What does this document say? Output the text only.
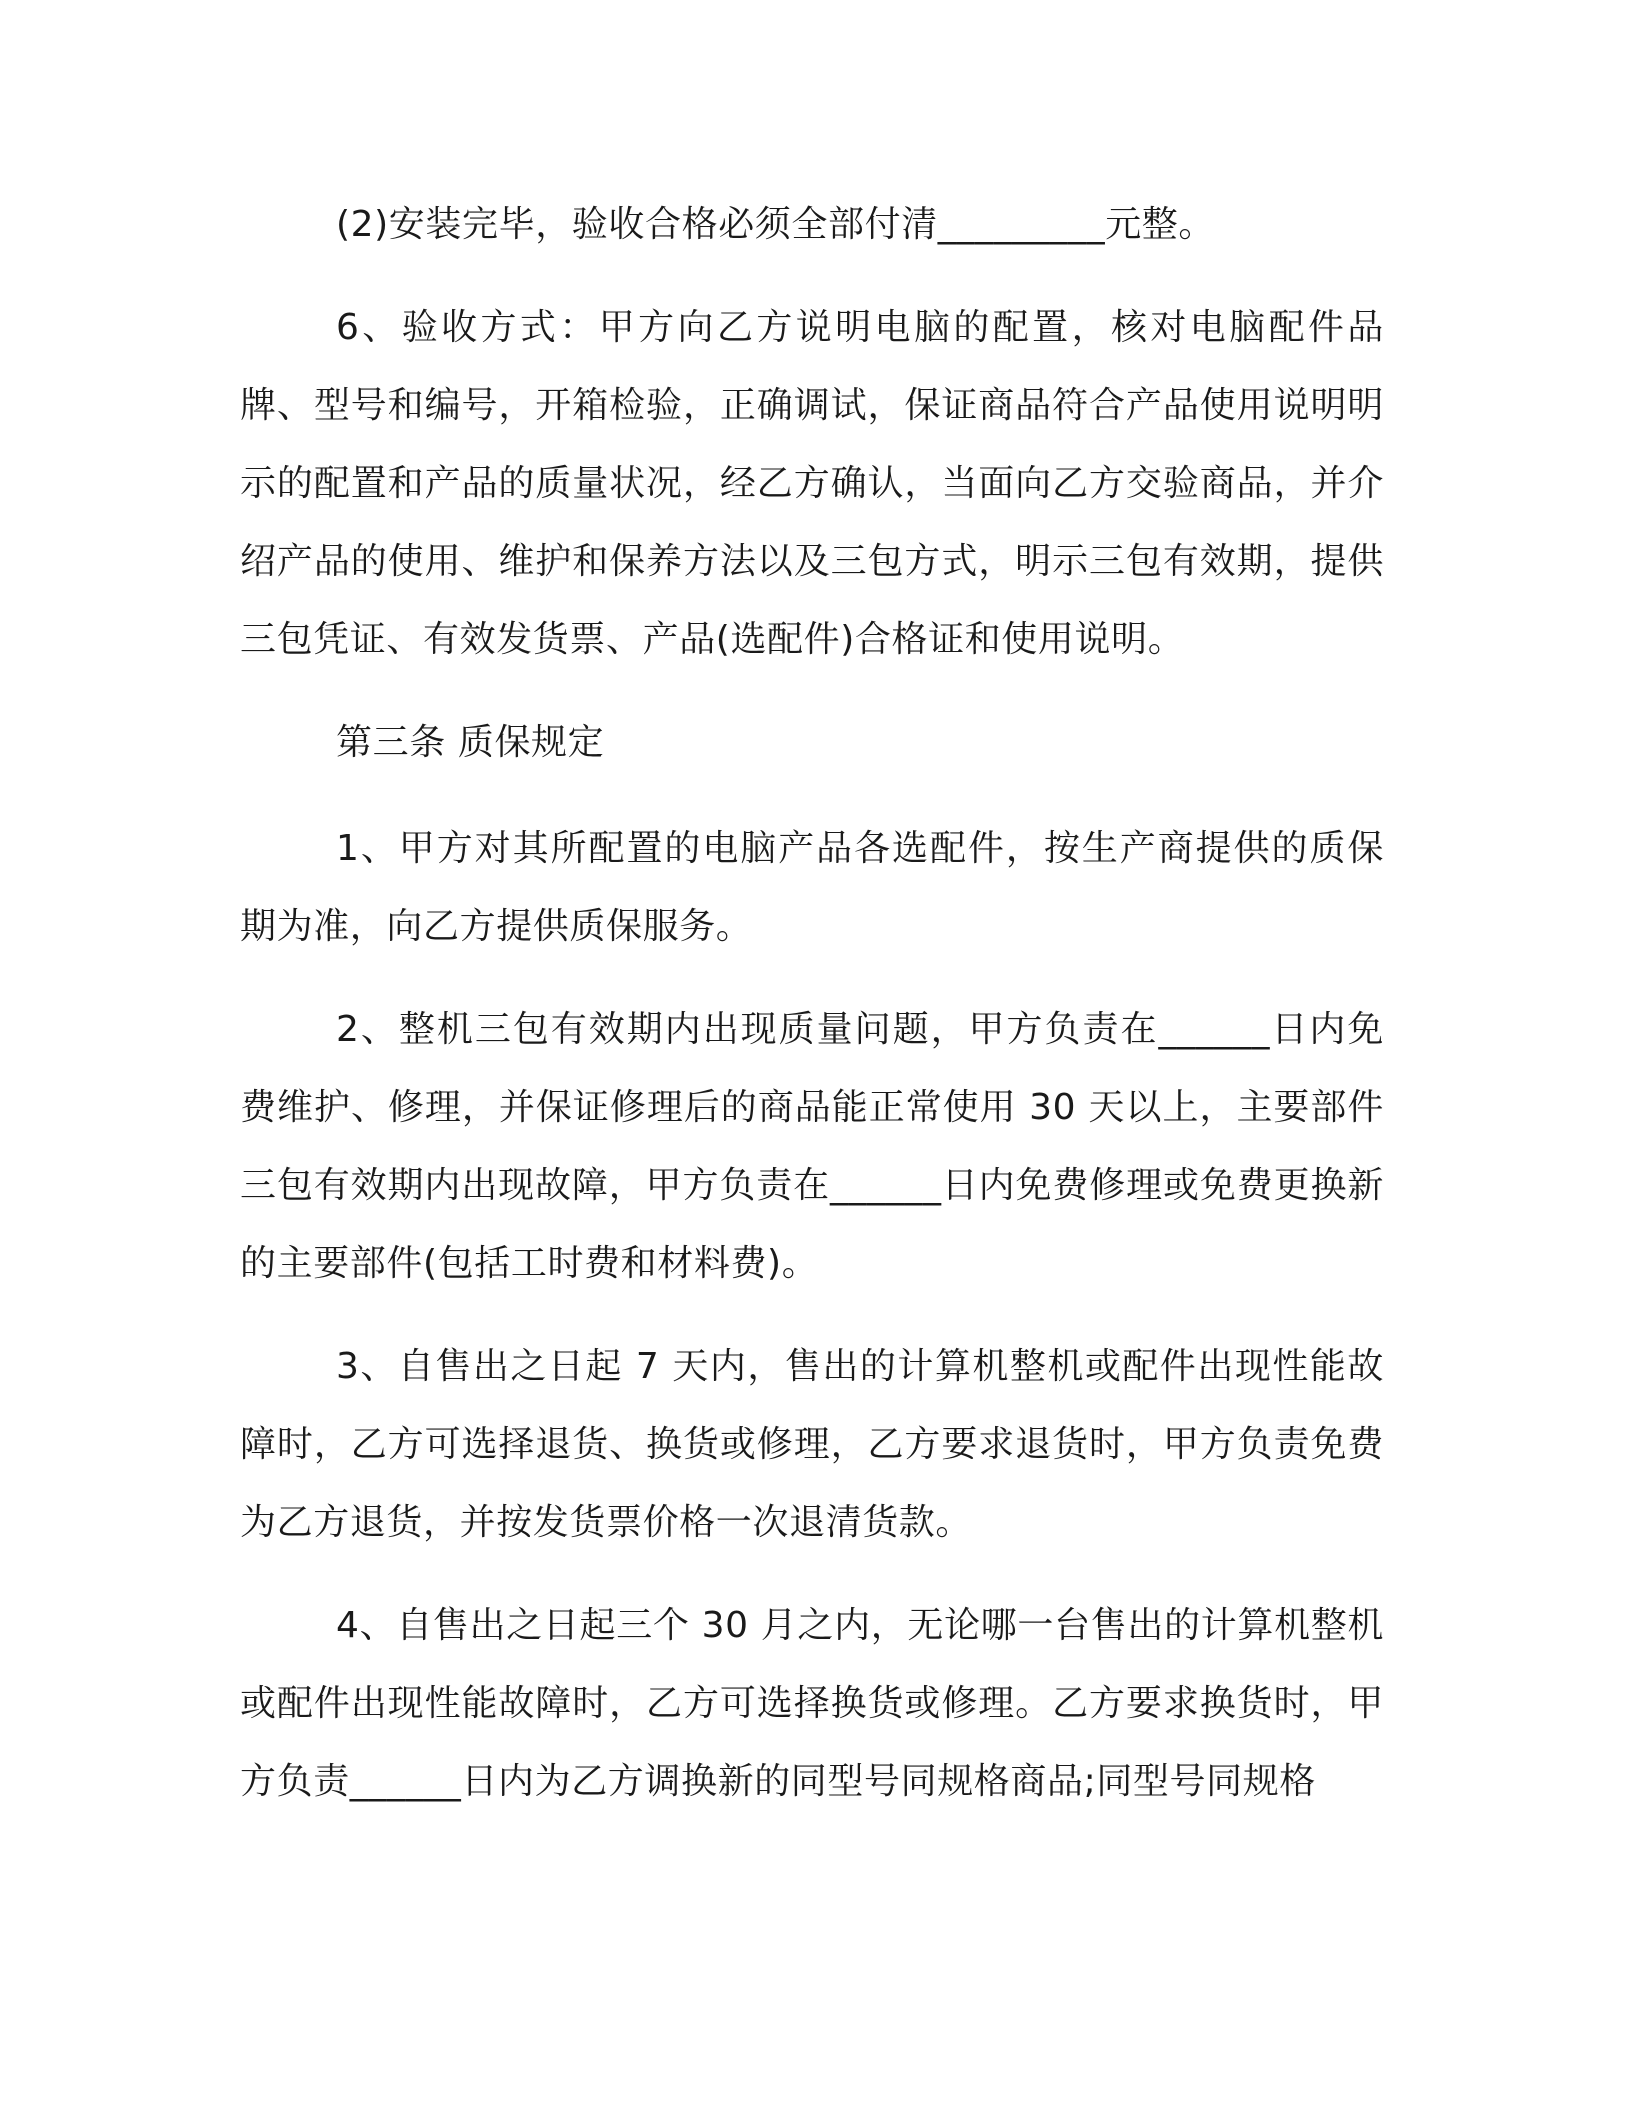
(2)安装完毕，验收合格必须全部付清_________元整。

6、验收方式：甲方向乙方说明电脑的配置，核对电脑配件品牌、型号和编号，开箱检验，正确调试，保证商品符合产品使用说明明示的配置和产品的质量状况，经乙方确认，当面向乙方交验商品，并介绍产品的使用、维护和保养方法以及三包方式，明示三包有效期，提供三包凭证、有效发货票、产品(选配件)合格证和使用说明。

第三条 质保规定

1、甲方对其所配置的电脑产品各选配件，按生产商提供的质保期为准，向乙方提供质保服务。

2、整机三包有效期内出现质量问题，甲方负责在______日内免费维护、修理，并保证修理后的商品能正常使用 30 天以上，主要部件三包有效期内出现故障，甲方负责在______日内免费修理或免费更换新的主要部件(包括工时费和材料费)。

3、自售出之日起 7 天内，售出的计算机整机或配件出现性能故障时，乙方可选择退货、换货或修理，乙方要求退货时，甲方负责免费为乙方退货，并按发货票价格一次退清货款。

4、自售出之日起三个 30 月之内，无论哪一台售出的计算机整机或配件出现性能故障时，乙方可选择换货或修理。乙方要求换货时，甲方负责______日内为乙方调换新的同型号同规格商品;同型号同规格
